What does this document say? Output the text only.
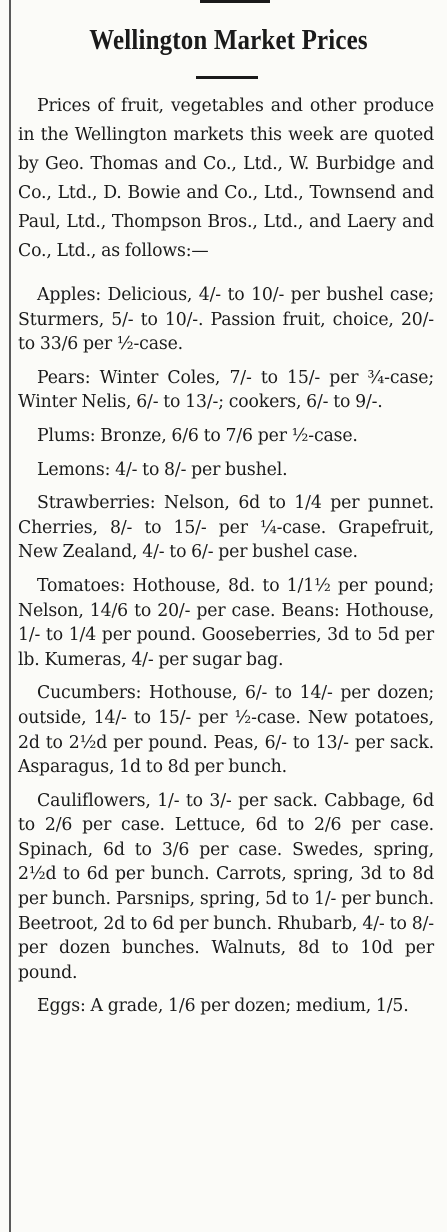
Wellington Market Prices

Prices of fruit, vegetables and other produce in the Wellington markets this week are quoted by Geo. Thomas and Co., Ltd., W. Burbidge and Co., Ltd., D. Bowie and Co., Ltd., Townsend and Paul, Ltd., Thompson Bros., Ltd., and Laery and Co., Ltd., as follows:—

Apples: Delicious, 4/- to 10/- per bushel case; Sturmers, 5/- to 10/-. Passion fruit, choice, 20/- to 33/6 per ½-case.

Pears: Winter Coles, 7/- to 15/- per ¾-case; Winter Nelis, 6/- to 13/-; cookers, 6/- to 9/-.

Plums: Bronze, 6/6 to 7/6 per ½-case.

Lemons: 4/- to 8/- per bushel.

Strawberries: Nelson, 6d to 1/4 per punnet. Cherries, 8/- to 15/- per ¼-case. Grapefruit, New Zealand, 4/- to 6/- per bushel case.

Tomatoes: Hothouse, 8d. to 1/1½ per pound; Nelson, 14/6 to 20/- per case. Beans: Hothouse, 1/- to 1/4 per pound. Gooseberries, 3d to 5d per lb. Kumeras, 4/- per sugar bag.

Cucumbers: Hothouse, 6/- to 14/- per dozen; outside, 14/- to 15/- per ½-case. New potatoes, 2d to 2½d per pound. Peas, 6/- to 13/- per sack. Asparagus, 1d to 8d per bunch.

Cauliflowers, 1/- to 3/- per sack. Cabbage, 6d to 2/6 per case. Lettuce, 6d to 2/6 per case. Spinach, 6d to 3/6 per case. Swedes, spring, 2½d to 6d per bunch. Carrots, spring, 3d to 8d per bunch. Parsnips, spring, 5d to 1/- per bunch. Beetroot, 2d to 6d per bunch. Rhubarb, 4/- to 8/- per dozen bunches. Walnuts, 8d to 10d per pound.

Eggs: A grade, 1/6 per dozen; medium, 1/5.
